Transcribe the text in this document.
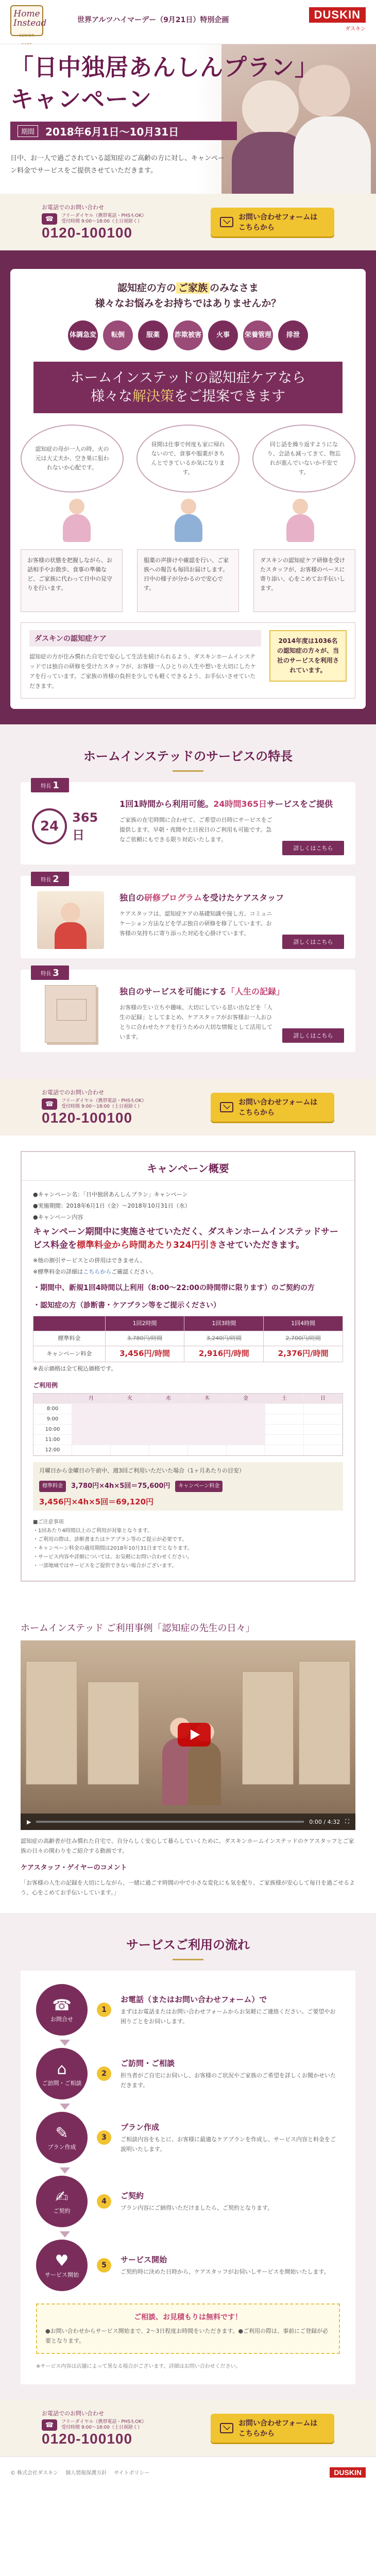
Home Instead
SENIOR
世界アルツハイマーデー（9月21日）特別企画	DUSKIN
ダスキン
「日中独居あんしんプラン」
キャンペーン
期間	2018年6月1日〜10月31日

日中、お一人で過ごされている認知症のご高齢の方に対し、キャンペーン料金でサービスをご提供させていただきます。

お電話でのお問い合わせ
☎	フリーダイヤル（携帯電話・PHSもOK）
受付時間 9:00〜18:00（土日祝除く）
0120-100100
お問い合わせフォームは
こちらから
認知症の方の ご家族 のみなさま
様々なお悩みをお持ちではありませんか？
体調急変	転倒	服薬	詐欺被害	火事	栄養管理	排泄
ホームインステッドの認知症ケアなら
様々な解決策をご提案できます
認知症の母が一人の時、火の元は大丈夫か、空き巣に狙われないか心配です。
昼間は仕事で何度も家に帰れないので、食事や服薬がきちんとできているか気になります。
同じ話を繰り返すようになり、会話も減ってきて、物忘れが進んでいないか不安です。
お客様の状態を把握しながら、お話相手やお散歩、食事の準備など、ご家族に代わって日中の見守りを行います。
服薬の声掛けや確認を行い、ご家族への報告も毎回お届けします。日中の様子が分かるので安心です。
ダスキンの認知症ケア研修を受けたスタッフが、お客様のペースに寄り添い、心をこめてお手伝いします。
ダスキンの認知症ケア

認知症の方が住み慣れた自宅で安心して生活を続けられるよう、ダスキンホームインステッドでは独自の研修を受けたスタッフが、お客様一人ひとりの人生や想いを大切にしたケアを行っています。ご家族の皆様の負担を少しでも軽くできるよう、お手伝いさせていただきます。

2014年度は1036名の認知症の方々が、当社のサービスを利用されています。
ホームインステッドのサービスの特長
特長 1
24
365日
1回1時間から利用可能。24時間365日サービスをご提供

ご家族の在宅時間に合わせて、ご希望の日時にサービスをご提供します。早朝・夜間や土日祝日のご利用も可能です。急なご依頼にもできる限り対応いたします。

詳しくはこちら
特長 2
独自の研修プログラムを受けたケアスタッフ

ケアスタッフは、認知症ケアの基礎知識や接し方、コミュニケーション方法などを学ぶ独自の研修を修了しています。お客様の気持ちに寄り添った対応を心掛けています。

詳しくはこちら
特長 3
独自のサービスを可能にする「人生の記録」

お客様の生い立ちや趣味、大切にしている思い出などを「人生の記録」としてまとめ、ケアスタッフがお客様お一人おひとりに合わせたケアを行うための大切な情報として活用しています。	詳しくはこちら
お電話でのお問い合わせ
☎	フリーダイヤル（携帯電話・PHSもOK）
受付時間 9:00〜18:00（土日祝除く）
0120-100100
お問い合わせフォームは
こちらから
キャンペーン概要
●キャンペーン名：「日中独居あんしんプラン」キャンペーン
●実施期間：2018年6月1日（金）〜2018年10月31日（水）
●キャンペーン内容
キャンペーン期間中に実施させていただく、ダスキンホームインステッドサービス料金を標準料金から時間あたり324円引きさせていただきます。
※他の割引サービスとの併用はできません。
※標準料金の詳細はこちらからご確認ください。
・期間中、新規1回4時間以上利用（8:00〜22:00の時間帯に限ります）のご契約の方
・認知症の方（診断書・ケアプラン等をご提示ください）
	1回2時間	1回3時間	1回4時間
標準料金	3,780円/時間	3,240円/時間	2,700円/時間
キャンペーン料金	3,456円/時間	2,916円/時間	2,376円/時間
※表示価格は全て税込価格です。
ご利用例
月	火	水	木	金	土	日
8:00
9:00
10:00
11:00
12:00
月曜日から金曜日の午前中、週3回ご利用いただいた場合（1ヶ月あたりの目安）
標準料金	3,780円×4h×5回＝75,600円	キャンペーン料金
3,456円×4h×5回＝69,120円
■ご注意事項
・1回あたり4時間以上のご利用が対象となります。
・ご利用の際は、診断書またはケアプラン等のご提示が必要です。
・キャンペーン料金の適用期間は2018年10月31日までとなります。
・サービス内容や詳細については、お気軽にお問い合わせください。
・一部地域ではサービスをご提供できない場合がございます。
ホームインステッド ご利用事例「認知症の先生の日々」
▶	0:00 / 4:32 ⛶

認知症の高齢者が住み慣れた自宅で、自分らしく安心して暮らしていくために。ダスキンホームインステッドのケアスタッフとご家族の日々の関わりをご紹介する動画です。

ケアスタッフ・ゲイヤーのコメント

「お客様の人生の記録を大切にしながら、一緒に過ごす時間の中で小さな変化にも気を配り、ご家族様が安心して毎日を過ごせるよう、心をこめてお手伝いしています。」

サービスご利用の流れ
☎
お問合せ
1
お電話（またはお問い合わせフォーム）で

まずはお電話またはお問い合わせフォームからお気軽にご連絡ください。ご要望やお困りごとをお伺いします。

⌂
ご訪問・ご相談
2
ご訪問・ご相談

担当者がご自宅にお伺いし、お客様のご状況やご家族のご希望を詳しくお聞かせいただきます。

✎
プラン作成
3
プラン作成

ご相談内容をもとに、お客様に最適なケアプランを作成し、サービス内容と料金をご説明いたします。

✍
ご契約
4
ご契約

プラン内容にご納得いただけましたら、ご契約となります。

♥
サービス開始
5
サービス開始

ご契約時に決めた日時から、ケアスタッフがお伺いしサービスを開始いたします。

ご相談、お見積もりは無料です！

●お問い合わせからサービス開始まで、2〜3日程度お時間をいただきます。●ご利用の際は、事前にご登録が必要となります。

※サービス内容は店舗によって異なる場合がございます。詳細はお問い合わせください。

お電話でのお問い合わせ
☎	フリーダイヤル（携帯電話・PHSもOK）
受付時間 9:00〜18:00（土日祝除く）
0120-100100
お問い合わせフォームは
こちらから
© 株式会社ダスキン 個人情報保護方針 サイトポリシー	DUSKIN
